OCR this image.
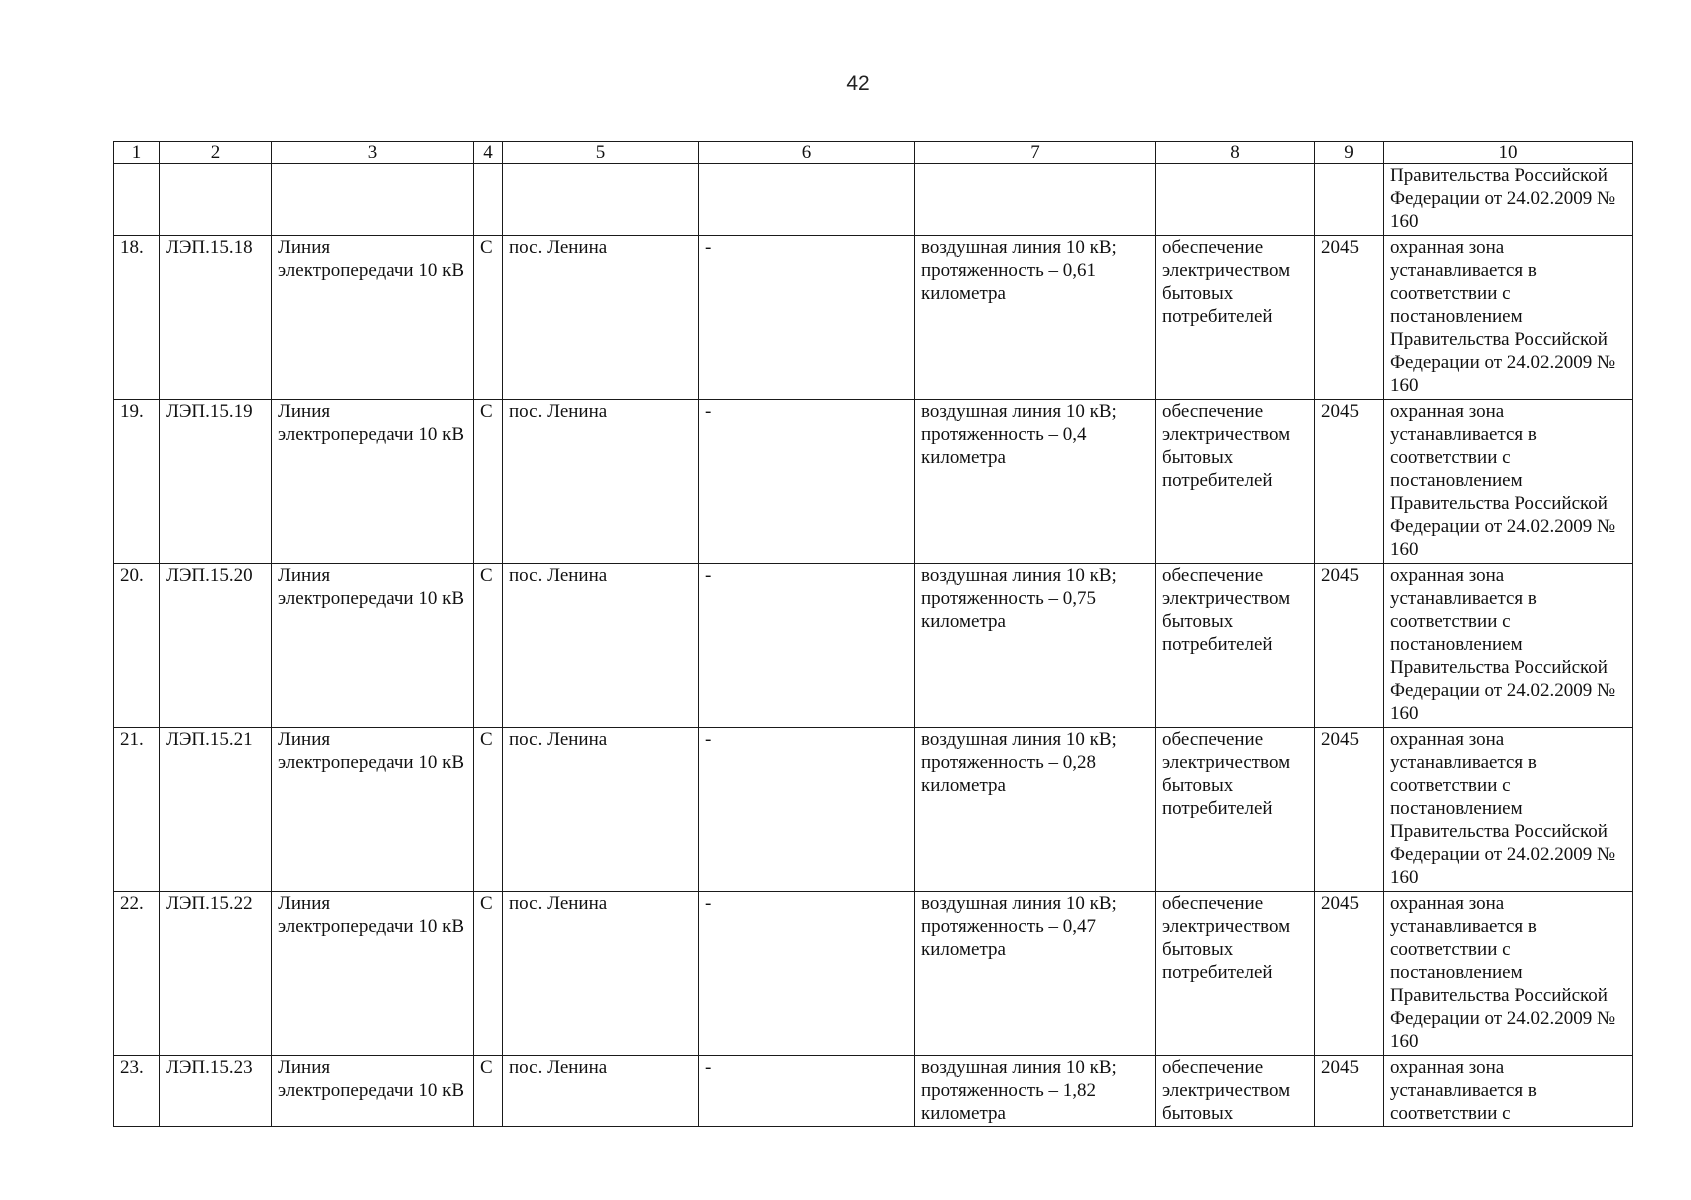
42
1	2	3	4	5	6	7	8	9	10
									Правительства Российской Федерации от 24.02.2009 № 160
18.	ЛЭП.15.18	Линия электропередачи 10 кВ	С	пос. Ленина	-	воздушная линия 10 кВ; протяженность – 0,61 километра	обеспечение электричеством бытовых потребителей	2045	охранная зона устанавливается в соответствии с постановлением Правительства Российской Федерации от 24.02.2009 № 160
19.	ЛЭП.15.19	Линия электропередачи 10 кВ	С	пос. Ленина	-	воздушная линия 10 кВ; протяженность – 0,4 километра	обеспечение электричеством бытовых потребителей	2045	охранная зона устанавливается в соответствии с постановлением Правительства Российской Федерации от 24.02.2009 № 160
20.	ЛЭП.15.20	Линия электропередачи 10 кВ	С	пос. Ленина	-	воздушная линия 10 кВ; протяженность – 0,75 километра	обеспечение электричеством бытовых потребителей	2045	охранная зона устанавливается в соответствии с постановлением Правительства Российской Федерации от 24.02.2009 № 160
21.	ЛЭП.15.21	Линия электропередачи 10 кВ	С	пос. Ленина	-	воздушная линия 10 кВ; протяженность – 0,28 километра	обеспечение электричеством бытовых потребителей	2045	охранная зона устанавливается в соответствии с постановлением Правительства Российской Федерации от 24.02.2009 № 160
22.	ЛЭП.15.22	Линия электропередачи 10 кВ	С	пос. Ленина	-	воздушная линия 10 кВ; протяженность – 0,47 километра	обеспечение электричеством бытовых потребителей	2045	охранная зона устанавливается в соответствии с постановлением Правительства Российской Федерации от 24.02.2009 № 160
23.	ЛЭП.15.23	Линия электропередачи 10 кВ	С	пос. Ленина	-	воздушная линия 10 кВ; протяженность – 1,82 километра	обеспечение электричеством бытовых	2045	охранная зона устанавливается в соответствии с
